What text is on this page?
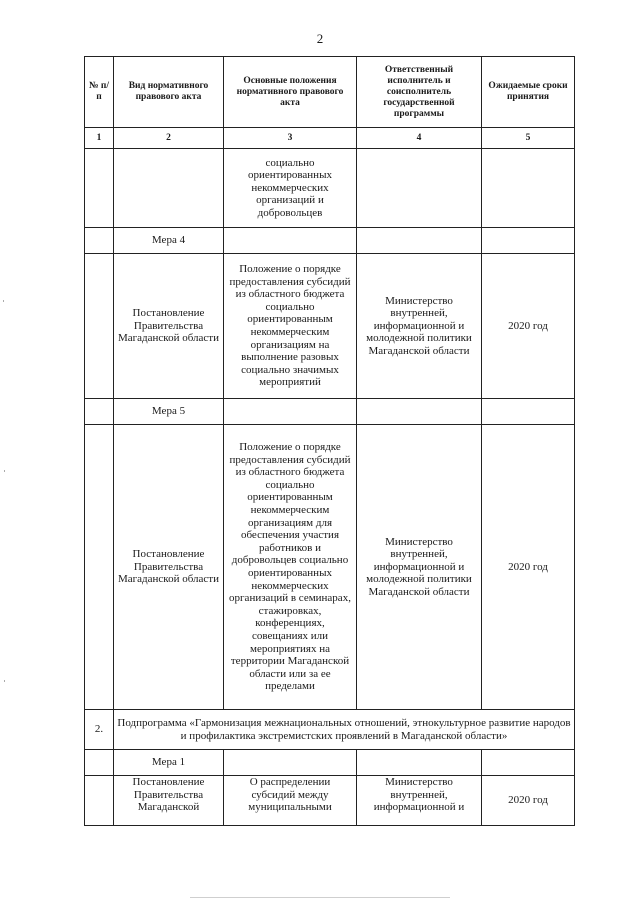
2
№ п/п	Вид нормативного правового акта	Основные положения нормативного правового акта	Ответственный исполнитель и соисполнитель государственной программы	Ожидаемые сроки принятия
1	2	3	4	5
		социально ориентированных некоммерческих организаций и добровольцев		
	Мера 4			
	Постановление Правительства Магаданской области	Положение о порядке предоставления субсидий из областного бюджета социально ориентированным некоммерческим организациям на выполнение разовых социально значимых мероприятий	Министерство внутренней, информационной и молодежной политики Магаданской области	2020 год
	Мера 5			
	Постановление Правительства Магаданской области	Положение о порядке предоставления субсидий из областного бюджета социально ориентированным некоммерческим организациям для обеспечения участия работников и добровольцев социально ориентированных некоммерческих организаций в семинарах, стажировках, конференциях, совещаниях или мероприятиях на территории Магаданской области или за ее пределами	Министерство внутренней, информационной и молодежной политики Магаданской области	2020 год
2.	Подпрограмма «Гармонизация межнациональных отношений, этнокультурное развитие народов и профилактика экстремистских проявлений в Магаданской области»			
	Мера 1			
	Постановление Правительства Магаданской	О распределении субсидий между муниципальными	Министерство внутренней, информационной и	2020 год
